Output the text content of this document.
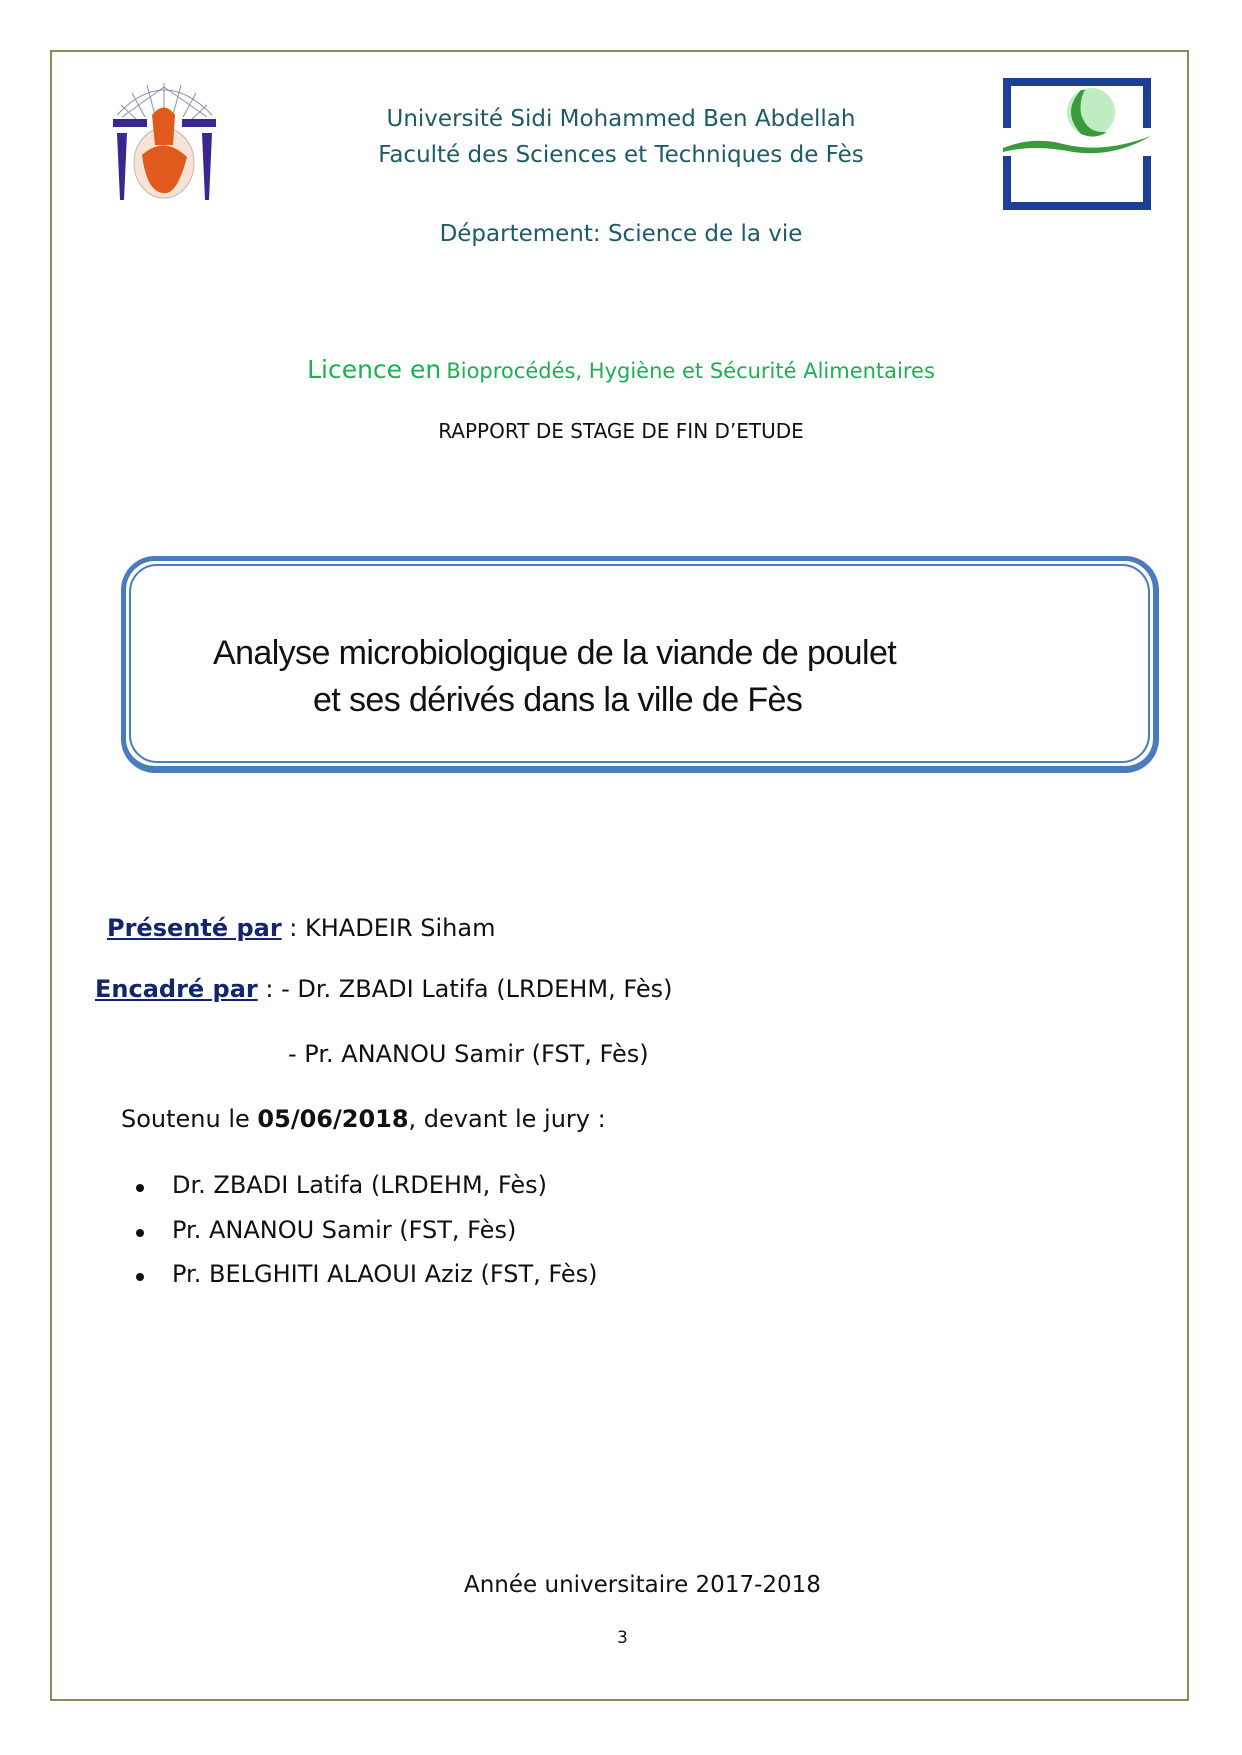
Université Sidi Mohammed Ben Abdellah
Faculté des Sciences et Techniques de Fès
Département: Science de la vie
Licence en Bioprocédés, Hygiène et Sécurité Alimentaires
RAPPORT DE STAGE DE FIN D’ETUDE
Analyse microbiologique de la viande de poulet
et ses dérivés dans la ville de Fès
Présenté par : KHADEIR Siham
Encadré par : - Dr. ZBADI Latifa (LRDEHM, Fès)
- Pr. ANANOU Samir (FST, Fès)
Soutenu le 05/06/2018, devant le jury :
Dr. ZBADI Latifa (LRDEHM, Fès)
Pr. ANANOU Samir (FST, Fès)
Pr. BELGHITI ALAOUI Aziz (FST, Fès)
Année universitaire 2017-2018
3
